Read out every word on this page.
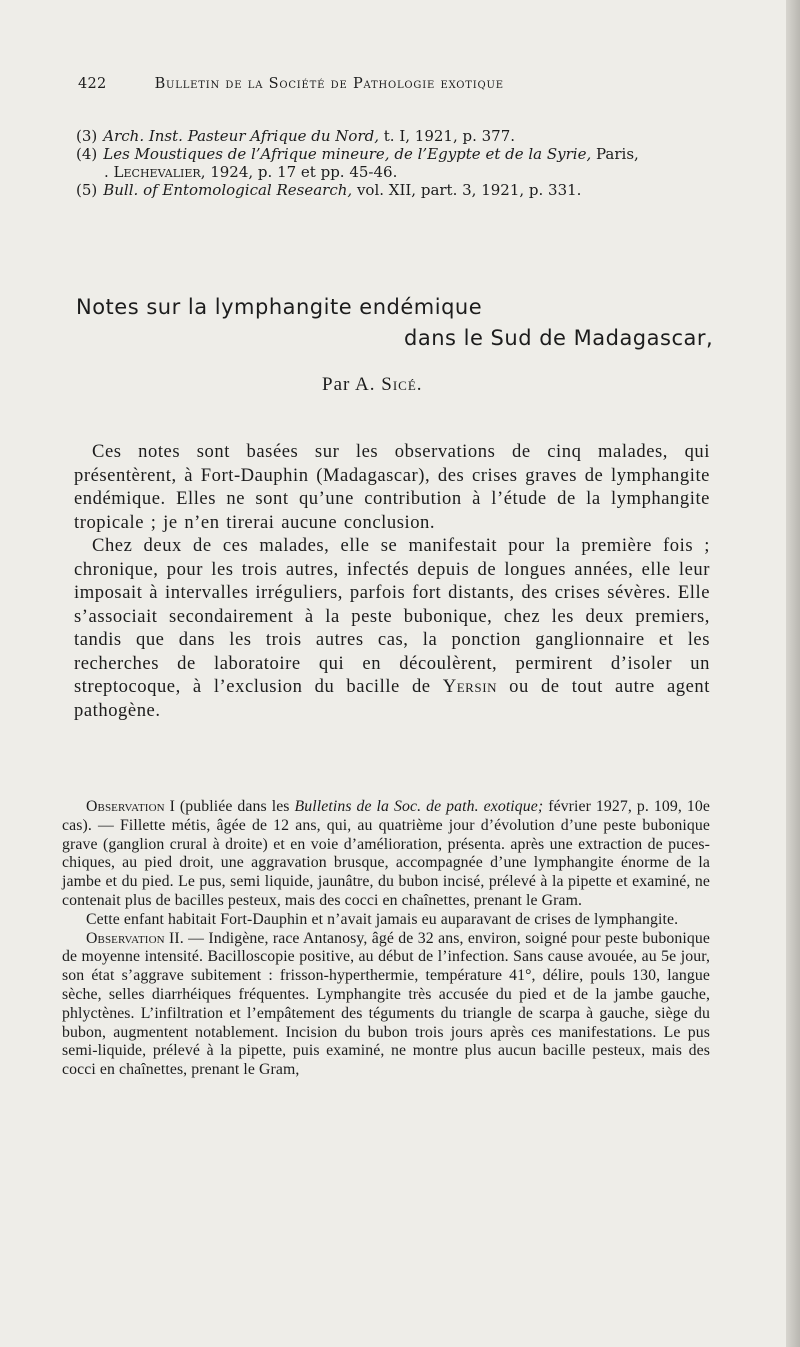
422	Bulletin de la Société de Pathologie exotique
(3) Arch. Inst. Pasteur Afrique du Nord, t. I, 1921, p. 377.
(4) Les Moustiques de l’Afrique mineure, de l’Egypte et de la Syrie, Paris,
. Lechevalier, 1924, p. 17 et pp. 45-46.
(5) Bull. of Entomological Research, vol. XII, part. 3, 1921, p. 331.
Notes sur la lymphangite endémique
dans le Sud de Madagascar,
Par A. Sicé.

Ces notes sont basées sur les observations de cinq malades, qui présentèrent, à Fort-Dauphin (Madagascar), des crises graves de lymphangite endémique. Elles ne sont qu’une contribution à l’étude de la lymphangite tropicale ; je n’en tirerai aucune conclusion.

Chez deux de ces malades, elle se manifestait pour la première fois ; chronique, pour les trois autres, infectés depuis de longues années, elle leur imposait à intervalles irréguliers, parfois fort distants, des crises sévères. Elle s’associait secondairement à la peste bubonique, chez les deux premiers, tandis que dans les trois autres cas, la ponction ganglionnaire et les recherches de laboratoire qui en découlèrent, permirent d’isoler un streptocoque, à l’exclusion du bacille de Yersin ou de tout autre agent pathogène.

Observation I (publiée dans les Bulletins de la Soc. de path. exotique; février 1927, p. 109, 10e cas). — Fillette métis, âgée de 12 ans, qui, au quatrième jour d’évolution d’une peste bubonique grave (ganglion crural à droite) et en voie d’amélioration, présenta. après une extraction de puces-chiques, au pied droit, une aggravation brusque, accompagnée d’une lymphangite énorme de la jambe et du pied. Le pus, semi liquide, jaunâtre, du bubon incisé, prélevé à la pipette et examiné, ne contenait plus de bacilles pesteux, mais des cocci en chaînettes, prenant le Gram.

Cette enfant habitait Fort-Dauphin et n’avait jamais eu auparavant de crises de lymphangite.

Observation II. — Indigène, race Antanosy, âgé de 32 ans, environ, soigné pour peste bubonique de moyenne intensité. Bacilloscopie positive, au début de l’infection. Sans cause avouée, au 5e jour, son état s’aggrave subitement : frisson-hyperthermie, température 41°, délire, pouls 130, langue sèche, selles diarrhéiques fréquentes. Lymphangite très accusée du pied et de la jambe gauche, phlyctènes. L’infiltration et l’empâtement des téguments du triangle de scarpa à gauche, siège du bubon, augmentent notablement. Incision du bubon trois jours après ces manifestations. Le pus semi-liquide, prélevé à la pipette, puis examiné, ne montre plus aucun bacille pesteux, mais des cocci en chaînettes, prenant le Gram,
